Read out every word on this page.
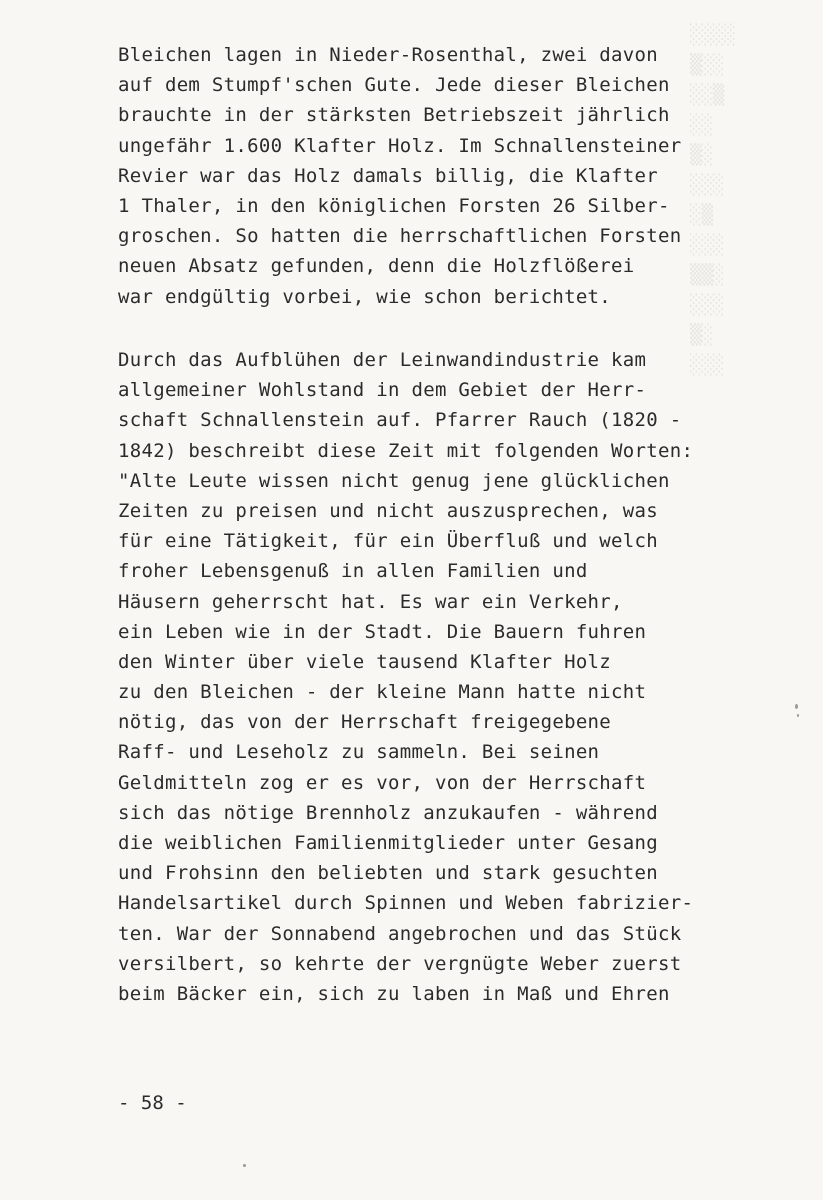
░░░░
▒░░
░░▒
░░
▒░
░░░
░▒
░░░
▒▒░
░░░
▒░
░░░
Bleichen lagen in Nieder-Rosenthal, zwei davon
auf dem Stumpf'schen Gute. Jede dieser Bleichen
brauchte in der stärksten Betriebszeit jährlich
ungefähr 1.600 Klafter Holz. Im Schnallensteiner
Revier war das Holz damals billig, die Klafter
1 Thaler, in den königlichen Forsten 26 Silber-
groschen. So hatten die herrschaftlichen Forsten
neuen Absatz gefunden, denn die Holzflößerei
war endgültig vorbei, wie schon berichtet.
Durch das Aufblühen der Leinwandindustrie kam
allgemeiner Wohlstand in dem Gebiet der Herr-
schaft Schnallenstein auf. Pfarrer Rauch (1820 -
1842) beschreibt diese Zeit mit folgenden Worten:
"Alte Leute wissen nicht genug jene glücklichen
Zeiten zu preisen und nicht auszusprechen, was
für eine Tätigkeit, für ein Überfluß und welch
froher Lebensgenuß in allen Familien und
Häusern geherrscht hat. Es war ein Verkehr,
ein Leben wie in der Stadt. Die Bauern fuhren
den Winter über viele tausend Klafter Holz
zu den Bleichen - der kleine Mann hatte nicht
nötig, das von der Herrschaft freigegebene
Raff- und Leseholz zu sammeln. Bei seinen
Geldmitteln zog er es vor, von der Herrschaft
sich das nötige Brennholz anzukaufen - während
die weiblichen Familienmitglieder unter Gesang
und Frohsinn den beliebten und stark gesuchten
Handelsartikel durch Spinnen und Weben fabrizier-
ten. War der Sonnabend angebrochen und das Stück
versilbert, so kehrte der vergnügte Weber zuerst
beim Bäcker ein, sich zu laben in Maß und Ehren
- 58 -
